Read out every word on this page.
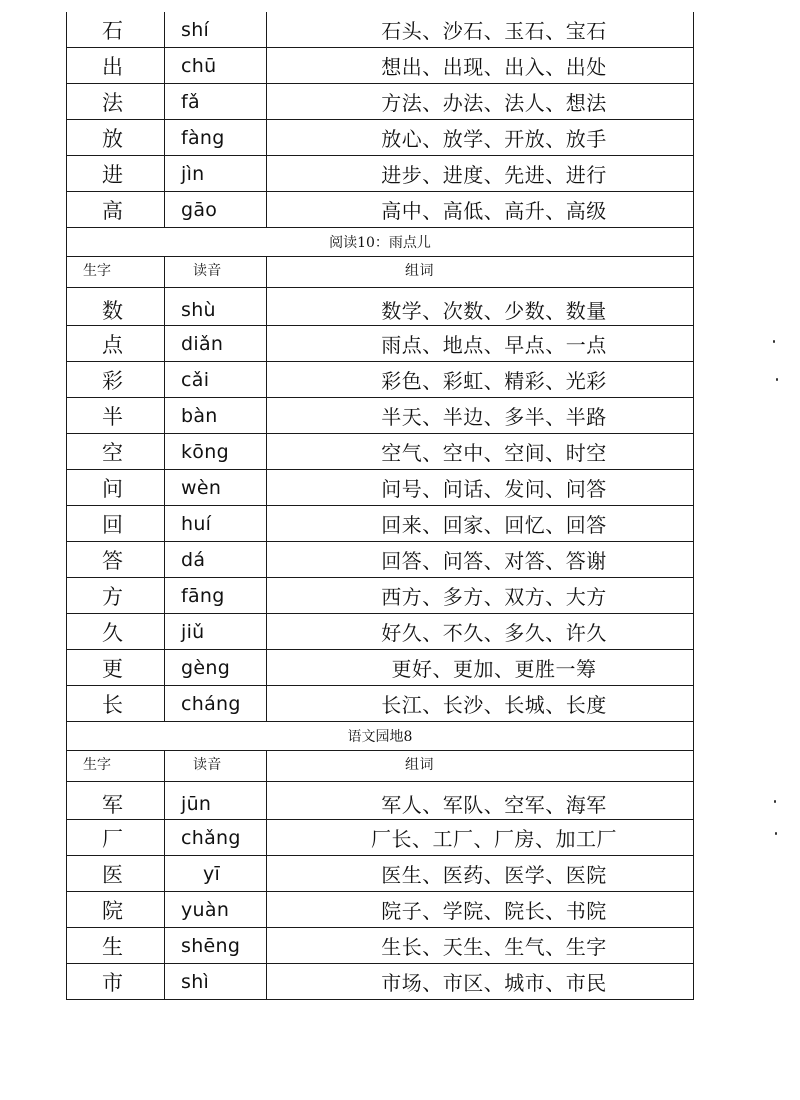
石	shí	石头、沙石、玉石、宝石
出	chū	想出、出现、出入、出处
法	fǎ	方法、办法、法人、想法
放	fàng	放心、放学、开放、放手
进	jìn	进步、进度、先进、进行
高	gāo	高中、高低、高升、高级
阅读10：雨点儿
生字	读音	组词
数	shù	数学、次数、少数、数量
点	diǎn	雨点、地点、早点、一点
彩	cǎi	彩色、彩虹、精彩、光彩
半	bàn	半天、半边、多半、半路
空	kōng	空气、空中、空间、时空
问	wèn	问号、问话、发问、问答
回	huí	回来、回家、回忆、回答
答	dá	回答、问答、对答、答谢
方	fāng	西方、多方、双方、大方
久	jiǔ	好久、不久、多久、许久
更	gèng	更好、更加、更胜一筹
长	cháng	长江、长沙、长城、长度
语文园地8
生字	读音	组词
军	jūn	军人、军队、空军、海军
厂	chǎng	厂长、工厂、厂房、加工厂
医	yī	医生、医药、医学、医院
院	yuàn	院子、学院、院长、书院
生	shēng	生长、天生、生气、生字
市	shì	市场、市区、城市、市民
